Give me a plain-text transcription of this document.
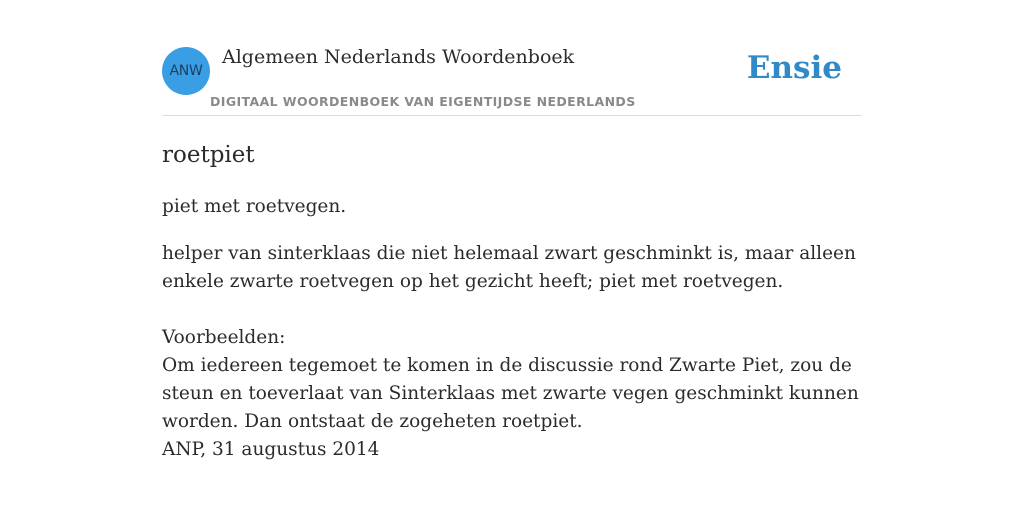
ANW
Algemeen Nederlands Woordenboek
DIGITAAL WOORDENBOEK VAN EIGENTIJDSE NEDERLANDS
Ensie
roetpiet

piet met roetvegen.

helper van sinterklaas die niet helemaal zwart geschminkt is, maar alleen enkele zwarte roetvegen op het gezicht heeft; piet met roetvegen.

Voorbeelden:
Om iedereen tegemoet te komen in de discussie rond Zwarte Piet, zou de steun en toeverlaat van Sinterklaas met zwarte vegen geschminkt kunnen worden. Dan ontstaat de zogeheten roetpiet.
ANP, 31 augustus 2014
